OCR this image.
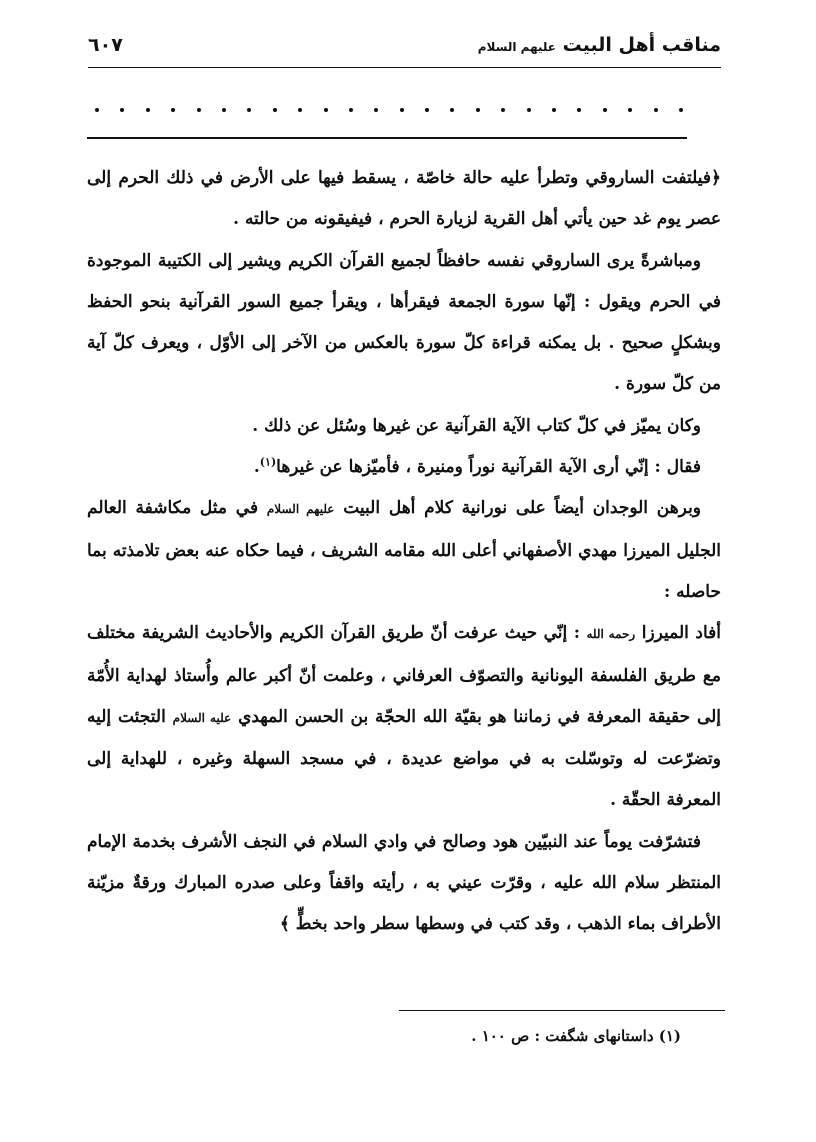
مناقب أهل البيت عليهم السلام
٦٠٧

﴿فيلتفت الساروقي وتطرأ عليه حالة خاصّة ، يسقط فيها على الأرض في ذلك الحرم إلى عصر يوم غد حين يأتي أهل القرية لزيارة الحرم ، فيفيقونه من حالته .

ومباشرةً يرى الساروقي نفسه حافظاً لجميع القرآن الكريم ويشير إلى الكتيبة الموجودة في الحرم ويقول : إنّها سورة الجمعة فيقرأها ، ويقرأ جميع السور القرآنية بنحو الحفظ وبشكلٍ صحيح . بل يمكنه قراءة كلّ سورة بالعكس من الآخر إلى الأوّل ، ويعرف كلّ آية من كلّ سورة .

وكان يميّز في كلّ كتاب الآية القرآنية عن غيرها وسُئل عن ذلك .

فقال : إنّي أرى الآية القرآنية نوراً ومنيرة ، فأميّزها عن غيرها$^{(١)}$.

وبرهن الوجدان أيضاً على نورانية كلام أهل البيت عليهم السلام في مثل مكاشفة العالم الجليل الميرزا مهدي الأصفهاني أعلى الله مقامه الشريف ، فيما حكاه عنه بعض تلامذته بما حاصله :

أفاد الميرزا رحمه الله : إنّي حيث عرفت أنّ طريق القرآن الكريم والأحاديث الشريفة مختلف مع طريق الفلسفة اليونانية والتصوّف العرفاني ، وعلمت أنّ أكبر عالم وأُستاذ لهداية الأُمّة إلى حقيقة المعرفة في زماننا هو بقيّة الله الحجّة بن الحسن المهدي عليه السلام التجئت إليه وتضرّعت له وتوسّلت به في مواضع عديدة ، في مسجد السهلة وغيره ، للهداية إلى المعرفة الحقّة .

فتشرّفت يوماً عند النبيّين هود وصالح في وادي السلام في النجف الأشرف بخدمة الإمام المنتظر سلام الله عليه ، وقرّت عيني به ، رأيته واقفاً وعلى صدره المبارك ورقةٌ مزيّنة الأطراف بماء الذهب ، وقد كتب في وسطها سطر واحد بخطٍّ ﴾

(١) داستانهاى شگفت : ص ١٠٠ .
